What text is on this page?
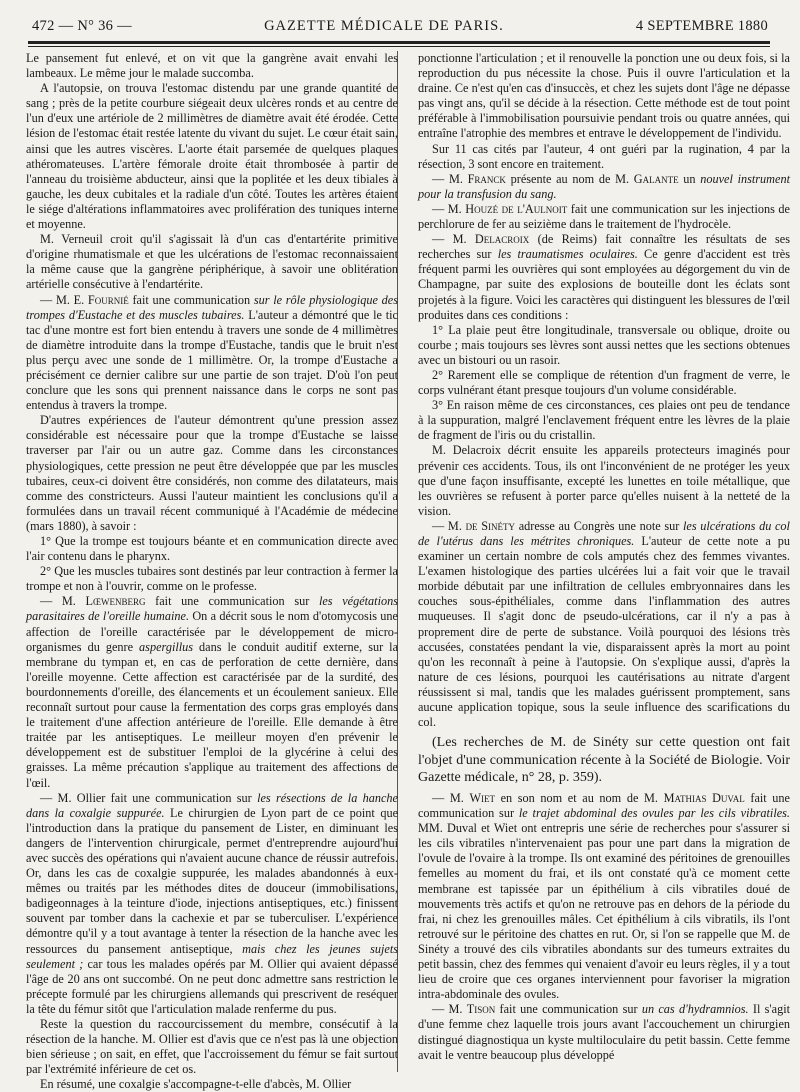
472 — N° 36 —	GAZETTE MÉDICALE DE PARIS.	4 SEPTEMBRE 1880

Le pansement fut enlevé, et on vit que la gangrène avait envahi les lambeaux. Le même jour le malade succomba.

A l'autopsie, on trouva l'estomac distendu par une grande quantité de sang ; près de la petite courbure siégeait deux ulcères ronds et au centre de l'un d'eux une artériole de 2 millimètres de diamètre avait été érodée. Cette lésion de l'estomac était restée latente du vivant du sujet. Le cœur était sain, ainsi que les autres viscères. L'aorte était parsemée de quelques plaques athéromateuses. L'artère fémorale droite était thrombosée à partir de l'anneau du troisième abducteur, ainsi que la poplitée et les deux tibiales à gauche, les deux cubitales et la radiale d'un côté. Toutes les artères étaient le siége d'altérations inflammatoires avec prolifération des tuniques interne et moyenne.

M. Verneuil croit qu'il s'agissait là d'un cas d'entartérite primitive d'origine rhumatismale et que les ulcérations de l'estomac reconnaissaient la même cause que la gangrène périphérique, à savoir une oblitération artérielle consécutive à l'endartérite.

— M. E. Fournié fait une communication sur le rôle physiologique des trompes d'Eustache et des muscles tubaires. L'auteur a démontré que le tic tac d'une montre est fort bien entendu à travers une sonde de 4 millimètres de diamètre introduite dans la trompe d'Eustache, tandis que le bruit n'est plus perçu avec une sonde de 1 millimètre. Or, la trompe d'Eustache a précisément ce dernier calibre sur une partie de son trajet. D'où l'on peut conclure que les sons qui prennent naissance dans le corps ne sont pas entendus à travers la trompe.

D'autres expériences de l'auteur démontrent qu'une pression assez considérable est nécessaire pour que la trompe d'Eustache se laisse traverser par l'air ou un autre gaz. Comme dans les circonstances physiologiques, cette pression ne peut être développée que par les muscles tubaires, ceux-ci doivent être considérés, non comme des dilatateurs, mais comme des constricteurs. Aussi l'auteur maintient les conclusions qu'il a formulées dans un travail récent communiqué à l'Académie de médecine (mars 1880), à savoir :

1° Que la trompe est toujours béante et en communication directe avec l'air contenu dans le pharynx.

2° Que les muscles tubaires sont destinés par leur contraction à fermer la trompe et non à l'ouvrir, comme on le professe.

— M. Lœwenberg fait une communication sur les végétations parasitaires de l'oreille humaine. On a décrit sous le nom d'otomycosis une affection de l'oreille caractérisée par le développement de micro-organismes du genre aspergillus dans le conduit auditif externe, sur la membrane du tympan et, en cas de perforation de cette dernière, dans l'oreille moyenne. Cette affection est caractérisée par de la surdité, des bourdonnements d'oreille, des élancements et un écoulement sanieux. Elle reconnaît surtout pour cause la fermentation des corps gras employés dans le traitement d'une affection antérieure de l'oreille. Elle demande à être traitée par les antiseptiques. Le meilleur moyen d'en prévenir le développement est de substituer l'emploi de la glycérine à celui des graisses. La même précaution s'applique au traitement des affections de l'œil.

— M. Ollier fait une communication sur les résections de la hanche dans la coxalgie suppurée. Le chirurgien de Lyon part de ce point que l'introduction dans la pratique du pansement de Lister, en diminuant les dangers de l'intervention chirurgicale, permet d'entreprendre aujourd'hui avec succès des opérations qui n'avaient aucune chance de réussir autrefois. Or, dans les cas de coxalgie suppurée, les malades abandonnés à eux-mêmes ou traités par les méthodes dites de douceur (immobilisations, badigeonnages à la teinture d'iode, injections antiseptiques, etc.) finissent souvent par tomber dans la cachexie et par se tuberculiser. L'expérience démontre qu'il y a tout avantage à tenter la résection de la hanche avec les ressources du pansement antiseptique, mais chez les jeunes sujets seulement ; car tous les malades opérés par M. Ollier qui avaient dépassé l'âge de 20 ans ont succombé. On ne peut donc admettre sans restriction le précepte formulé par les chirurgiens allemands qui prescrivent de reséquer la tête du fémur sitôt que l'articulation malade renferme du pus.

Reste la question du raccourcissement du membre, consécutif à la résection de la hanche. M. Ollier est d'avis que ce n'est pas là une objection bien sérieuse ; on sait, en effet, que l'accroissement du fémur se fait surtout par l'extrémité inférieure de cet os.

En résumé, une coxalgie s'accompagne-t-elle d'abcès, M. Ollier

ponctionne l'articulation ; et il renouvelle la ponction une ou deux fois, si la reproduction du pus nécessite la chose. Puis il ouvre l'articulation et la draine. Ce n'est qu'en cas d'insuccès, et chez les sujets dont l'âge ne dépasse pas vingt ans, qu'il se décide à la résection. Cette méthode est de tout point préférable à l'immobilisation poursuivie pendant trois ou quatre années, qui entraîne l'atrophie des membres et entrave le développement de l'individu.

Sur 11 cas cités par l'auteur, 4 ont guéri par la rugination, 4 par la résection, 3 sont encore en traitement.

— M. Franck présente au nom de M. Galante un nouvel instrument pour la transfusion du sang.

— M. Houzé de l'Aulnoit fait une communication sur les injections de perchlorure de fer au seizième dans le traitement de l'hydrocèle.

— M. Delacroix (de Reims) fait connaître les résultats de ses recherches sur les traumatismes oculaires. Ce genre d'accident est très fréquent parmi les ouvrières qui sont employées au dégorgement du vin de Champagne, par suite des explosions de bouteille dont les éclats sont projetés à la figure. Voici les caractères qui distinguent les blessures de l'œil produites dans ces conditions :

1° La plaie peut être longitudinale, transversale ou oblique, droite ou courbe ; mais toujours ses lèvres sont aussi nettes que les sections obtenues avec un bistouri ou un rasoir.

2° Rarement elle se complique de rétention d'un fragment de verre, le corps vulnérant étant presque toujours d'un volume considérable.

3° En raison même de ces circonstances, ces plaies ont peu de tendance à la suppuration, malgré l'enclavement fréquent entre les lèvres de la plaie de fragment de l'iris ou du cristallin.

M. Delacroix décrit ensuite les appareils protecteurs imaginés pour prévenir ces accidents. Tous, ils ont l'inconvénient de ne protéger les yeux que d'une façon insuffisante, excepté les lunettes en toile métallique, que les ouvrières se refusent à porter parce qu'elles nuisent à la netteté de la vision.

— M. de Sinéty adresse au Congrès une note sur les ulcérations du col de l'utérus dans les métrites chroniques. L'auteur de cette note a pu examiner un certain nombre de cols amputés chez des femmes vivantes. L'examen histologique des parties ulcérées lui a fait voir que le travail morbide débutait par une infiltration de cellules embryonnaires dans les couches sous-épithéliales, comme dans l'inflammation des autres muqueuses. Il s'agit donc de pseudo-ulcérations, car il n'y a pas à proprement dire de perte de substance. Voilà pourquoi des lésions très accusées, constatées pendant la vie, disparaissent après la mort au point qu'on les reconnaît à peine à l'autopsie. On s'explique aussi, d'après la nature de ces lésions, pourquoi les cautérisations au nitrate d'argent réussissent si mal, tandis que les malades guérissent promptement, sans aucune application topique, sous la seule influence des scarifications du col.

(Les recherches de M. de Sinéty sur cette question ont fait l'objet d'une communication récente à la Société de Biologie. Voir Gazette médicale, n° 28, p. 359).

— M. Wiet en son nom et au nom de M. Mathias Duval fait une communication sur le trajet abdominal des ovules par les cils vibratiles. MM. Duval et Wiet ont entrepris une série de recherches pour s'assurer si les cils vibratiles n'intervenaient pas pour une part dans la migration de l'ovule de l'ovaire à la trompe. Ils ont examiné des péritoines de grenouilles femelles au moment du frai, et ils ont constaté qu'à ce moment cette membrane est tapissée par un épithélium à cils vibratiles doué de mouvements très actifs et qu'on ne retrouve pas en dehors de la période du frai, ni chez les grenouilles mâles. Cet épithélium à cils vibratils, ils l'ont retrouvé sur le péritoine des chattes en rut. Or, si l'on se rappelle que M. de Sinéty a trouvé des cils vibratiles abondants sur des tumeurs extraites du petit bassin, chez des femmes qui venaient d'avoir eu leurs règles, il y a tout lieu de croire que ces organes interviennent pour favoriser la migration intra-abdominale des ovules.

— M. Tison fait une communication sur un cas d'hydramnios. Il s'agit d'une femme chez laquelle trois jours avant l'accouchement un chirurgien distingué diagnostiqua un kyste multiloculaire du petit bassin. Cette femme avait le ventre beaucoup plus développé
